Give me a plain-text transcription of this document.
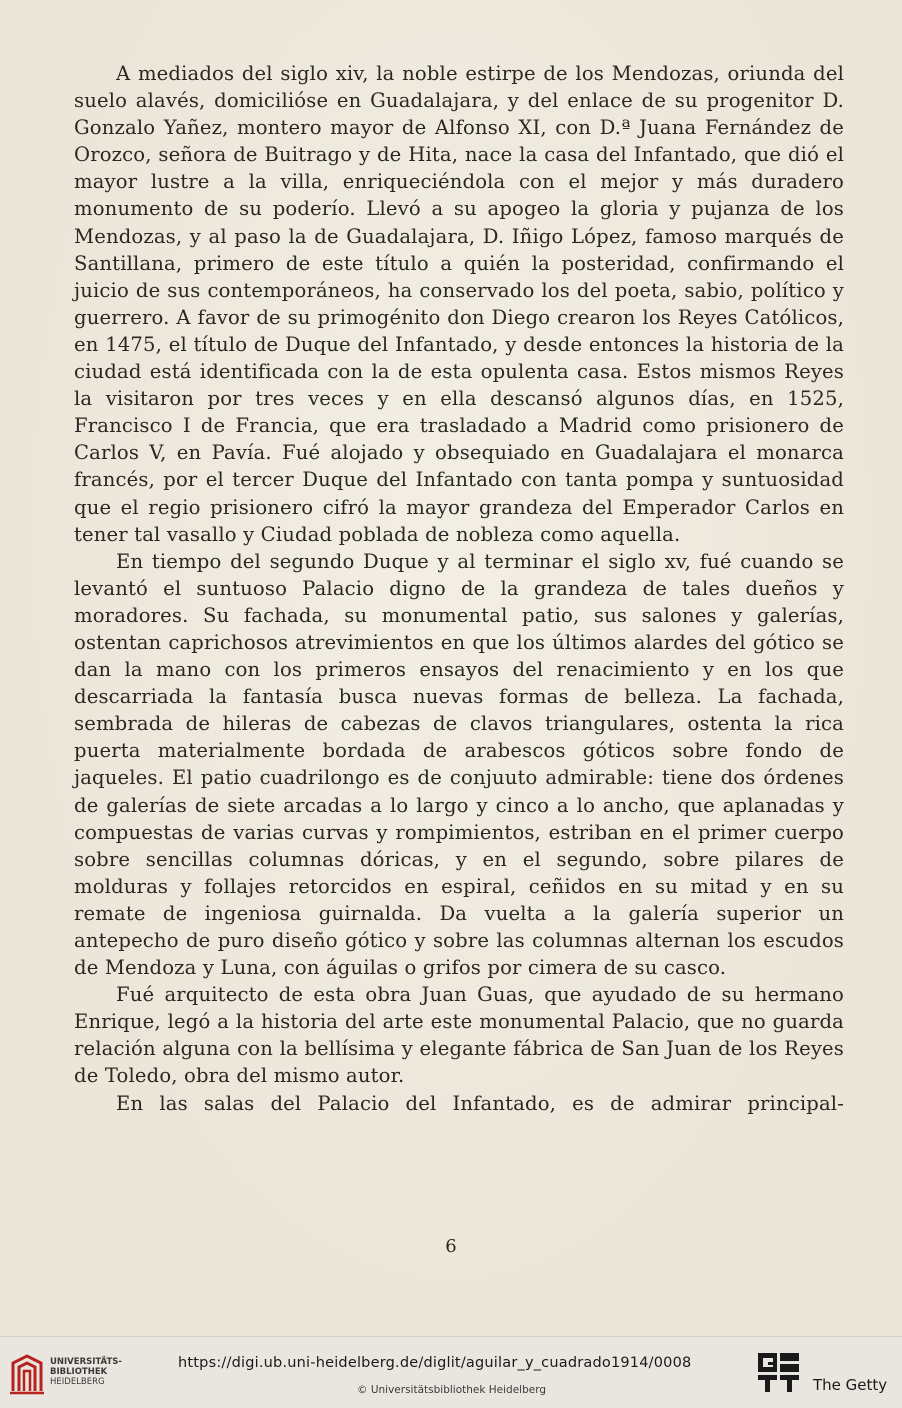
A mediados del siglo xiv, la noble estirpe de los Mendozas, oriunda del suelo alavés, domicilióse en Guadalajara, y del enlace de su progenitor D. Gonzalo Yañez, montero mayor de Alfonso XI, con D.ª Juana Fernández de Orozco, señora de Buitrago y de Hita, nace la casa del Infantado, que dió el mayor lustre a la villa, enriqueciéndola con el mejor y más duradero monumento de su poderío. Llevó a su apogeo la gloria y pujanza de los Mendozas, y al paso la de Guadalajara, D. Iñigo López, famoso marqués de Santillana, primero de este título a quién la posteridad, confirmando el juicio de sus contemporáneos, ha conservado los del poeta, sabio, político y guerrero. A favor de su primogénito don Diego crearon los Reyes Católicos, en 1475, el título de Duque del Infantado, y desde entonces la historia de la ciudad está identificada con la de esta opulenta casa. Estos mismos Reyes la visitaron por tres veces y en ella descansó algunos días, en 1525, Francisco I de Francia, que era trasladado a Madrid como prisionero de Carlos V, en Pavía. Fué alojado y obsequiado en Guadalajara el monarca francés, por el tercer Duque del Infantado con tanta pompa y suntuosidad que el regio prisionero cifró la mayor grandeza del Emperador Carlos en tener tal vasallo y Ciudad poblada de nobleza como aquella.

En tiempo del segundo Duque y al terminar el siglo xv, fué cuando se levantó el suntuoso Palacio digno de la grandeza de tales dueños y moradores. Su fachada, su monumental patio, sus salones y galerías, ostentan caprichosos atrevimientos en que los últimos alardes del gótico se dan la mano con los primeros ensayos del renacimiento y en los que descarriada la fantasía busca nuevas formas de belleza. La fachada, sembrada de hileras de cabezas de clavos triangulares, ostenta la rica puerta materialmente bordada de arabescos góticos sobre fondo de jaqueles. El patio cuadrilongo es de conjuuto admirable: tiene dos órdenes de galerías de siete arcadas a lo largo y cinco a lo ancho, que aplanadas y compuestas de varias curvas y rompimientos, estriban en el primer cuerpo sobre sencillas columnas dóricas, y en el segundo, sobre pilares de molduras y follajes retorcidos en espiral, ceñidos en su mitad y en su remate de ingeniosa guirnalda. Da vuelta a la galería superior un antepecho de puro diseño gótico y sobre las columnas alternan los escudos de Mendoza y Luna, con águilas o grifos por cimera de su casco.

Fué arquitecto de esta obra Juan Guas, que ayudado de su hermano Enrique, legó a la historia del arte este monumental Palacio, que no guarda relación alguna con la bellísima y elegante fábrica de San Juan de los Reyes de Toledo, obra del mismo autor.

En las salas del Palacio del Infantado, es de admirar principal-

6
UNIVERSITÄTS-
BIBLIOTHEK
HEIDELBERG
https://digi.ub.uni-heidelberg.de/diglit/aguilar_y_cuadrado1914/0008
© Universitätsbibliothek Heidelberg	The Getty
